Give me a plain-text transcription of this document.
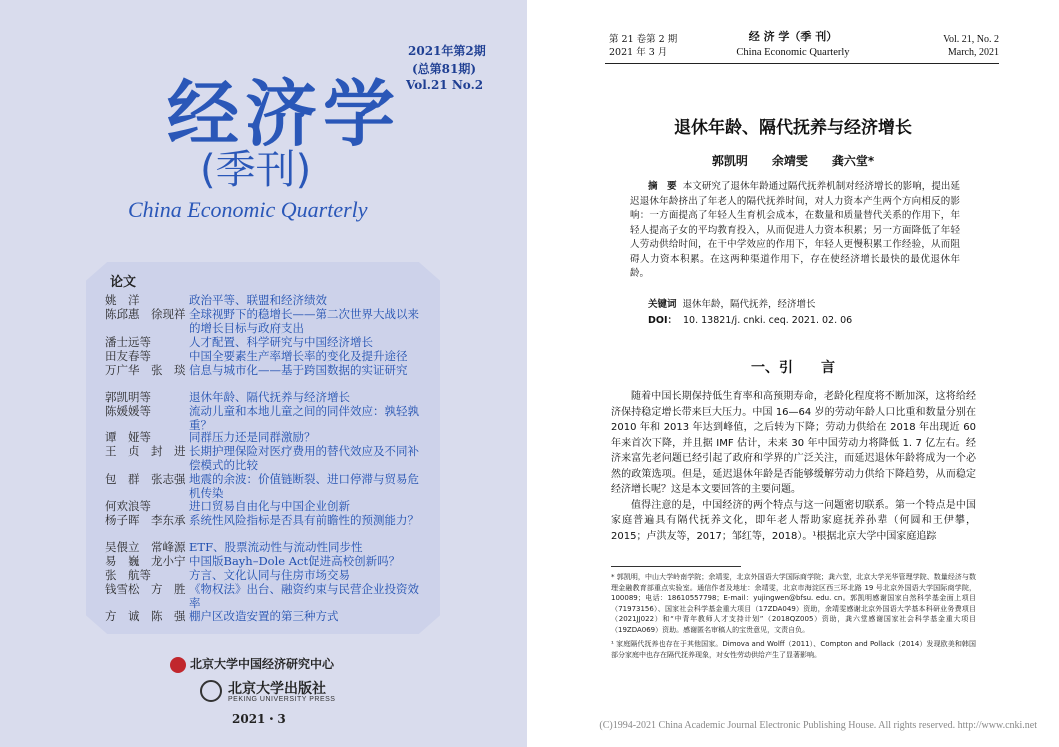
2021年第2期
(总第81期)
Vol.21 No.2
经济学
(季刊)
China Economic Quarterly
论文
姚　洋	政治平等、联盟和经济绩效
陈邱惠　徐现祥 全球视野下的稳增长——第二次世界大战以来的增长目标与政府支出
潘士远等	人才配置、科学研究与中国经济增长
田友春等	中国全要素生产率增长率的变化及提升途径
万广华　张　琰 信息与城市化——基于跨国数据的实证研究
郭凯明等	退休年龄、隔代抚养与经济增长
陈媛媛等	流动儿童和本地儿童之间的同伴效应：孰轻孰重？
谭　娅等	同群压力还是同群激励？
王　贞　封　进 长期护理保险对医疗费用的替代效应及不同补偿模式的比较
包　群　张志强 地震的余波：价值链断裂、进口停滞与贸易危机传染
何欢浪等	进口贸易自由化与中国企业创新
杨子晖　李东承 系统性风险指标是否具有前瞻性的预测能力？
吴偎立　常峰源 ETF、股票流动性与流动性同步性
易　巍　龙小宁 中国版Bayh–Dole Act促进高校创新吗？
张　航等	方言、文化认同与住房市场交易
钱雪松　方　胜 《物权法》出台、融资约束与民营企业投资效率
方　诚　陈　强 棚户区改造安置的第三种方式
北京大学中国经济研究中心
北京大学出版社
PEKING UNIVERSITY PRESS
2021・3
第 21 卷第 2 期
2021 年 3 月
经 济 学（季 刊）
China Economic Quarterly
Vol. 21, No. 2
March, 2021
退休年龄、隔代抚养与经济增长
郭凯明　　余靖雯　　龚六堂*
摘　要 本文研究了退休年龄通过隔代抚养机制对经济增长的影响，提出延迟退休年龄挤出了年老人的隔代抚养时间，对人力资本产生两个方向相反的影响：一方面提高了年轻人生育机会成本，在数量和质量替代关系的作用下，年轻人提高子女的平均教育投入，从而促进人力资本积累；另一方面降低了年轻人劳动供给时间，在干中学效应的作用下，年轻人更慢积累工作经验，从而阻碍人力资本积累。在这两种渠道作用下，存在使经济增长最快的最优退休年龄。
关键词 退休年龄，隔代抚养，经济增长
DOI： 10. 13821/j. cnki. ceq. 2021. 02. 06
一、引　　言

随着中国长期保持低生育率和高预期寿命，老龄化程度将不断加深，这将给经济保持稳定增长带来巨大压力。中国 16—64 岁的劳动年龄人口比重和数量分别在 2010 年和 2013 年达到峰值，之后转为下降；劳动力供给在 2018 年出现近 60 年来首次下降，并且据 IMF 估计，未来 30 年中国劳动力将降低 1. 7 亿左右。经济来富先老问题已经引起了政府和学界的广泛关注，而延迟退休年龄将成为一个必然的政策选项。但是，延迟退休年龄是否能够缓解劳动力供给下降趋势，从而稳定经济增长呢？这是本文要回答的主要问题。

值得注意的是，中国经济的两个特点与这一问题密切联系。第一个特点是中国家庭普遍具有隔代抚养文化，即年老人帮助家庭抚养孙辈（何圆和王伊攀，2015；卢洪友等，2017；邹红等，2018）。¹根据北京大学中国家庭追踪

* 郭凯明，中山大学岭南学院；余靖雯，北京外国语大学国际商学院；龚六堂，北京大学光华管理学院、数量经济与数理金融教育部重点实验室。通信作者及地址：余靖雯，北京市海淀区西三环北路 19 号北京外国语大学国际商学院，100089；电话：18610557798；E-mail：yujingwen@bfsu. edu. cn。郭凯明感谢国家自然科学基金面上项目（71973156）、国家社会科学基金重大项目（17ZDA049）资助，余靖雯感谢北京外国语大学基本科研业务费项目（2021JJ022）和“中青年教师人才支持计划”（2018QZ005）资助，龚六堂感谢国家社会科学基金重大项目（19ZDA069）资助。感谢匿名审稿人的宝贵意见，文责自负。

¹ 家庭隔代抚养也存在于其他国家。Dimova and Wolff（2011）、Compton and Pollack（2014）发现欧美和韩国部分家庭中也存在隔代抚养现象，对女性劳动供给产生了显著影响。

(C)1994-2021 China Academic Journal Electronic Publishing House. All rights reserved. http://www.cnki.net
